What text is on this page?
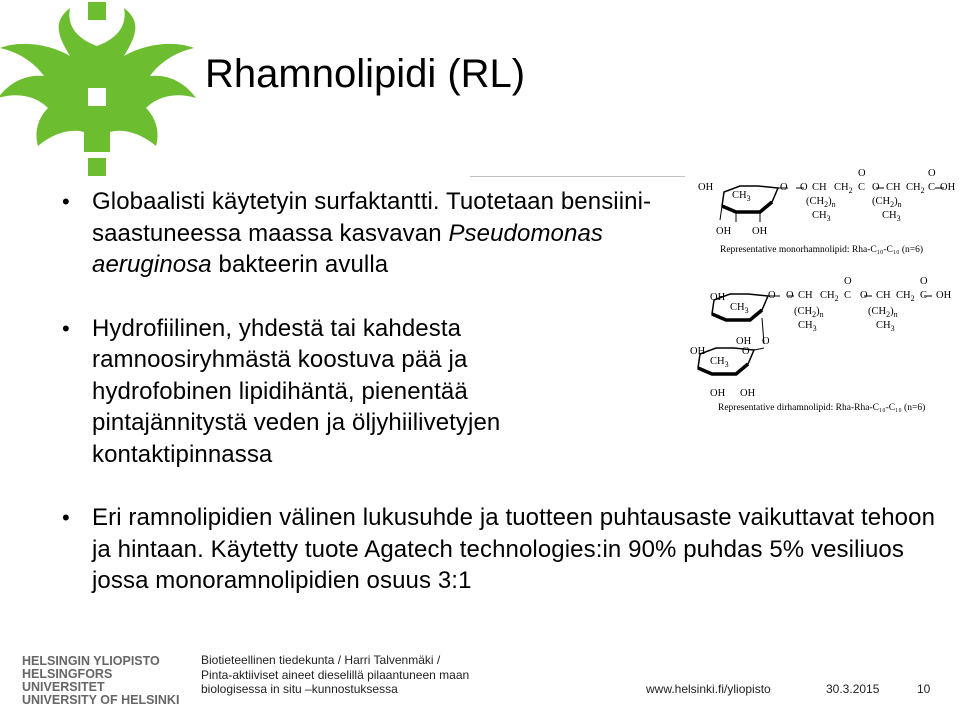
Rhamnolipidi (RL)
• Globaalisti käytetyin surfaktantti. Tuotetaan bensiini-saastuneessa maassa kasvavan Pseudomonas aeruginosa bakteerin avulla
• Hydrofiilinen, yhdestä tai kahdesta ramnoosiryhmästä koostuva pää ja hydrofobinen lipidihäntä, pienentää pintajännitystä veden ja öljyhiilivetyjen kontaktipinnassa
• Eri ramnolipidien välinen lukusuhde ja tuotteen puhtausaste vaikuttavat tehoon ja hintaan. Käytetty tuote Agatech technologies:in 90% puhdas 5% vesiliuos jossa monoramnolipidien osuus 3:1
OH
$CH_3$
O O CH $CH_2$ C
O
O CH $CH_2$ C
O
OH
$(CH_2)_n$	$(CH_2)_n$
$CH_3$	$CH_3$
OH OH
OH
$CH_3$
O O CH $CH_2$ C
O
O CH $CH_2$ C
O
OH
$(CH_2)_n$	$(CH_2)_n$
$CH_3$	$CH_3$
OH
O
O
OH
$CH_3$
OH OH
Representative monorhamnolipid: Rha-C₁₀-C₁₀ (n=6)
Representative dirhamnolipid: Rha-Rha-C₁₀-C₁₀ (n=6)
HELSINGIN YLIOPISTO
HELSINGFORS UNIVERSITET
UNIVERSITY OF HELSINKI
Biotieteellinen tiedekunta / Harri Talvenmäki /
Pinta-aktiiviset aineet dieselillä pilaantuneen maan
biologisessa in situ –kunnostuksessa	www.helsinki.fi/yliopisto	30.3.2015	10
